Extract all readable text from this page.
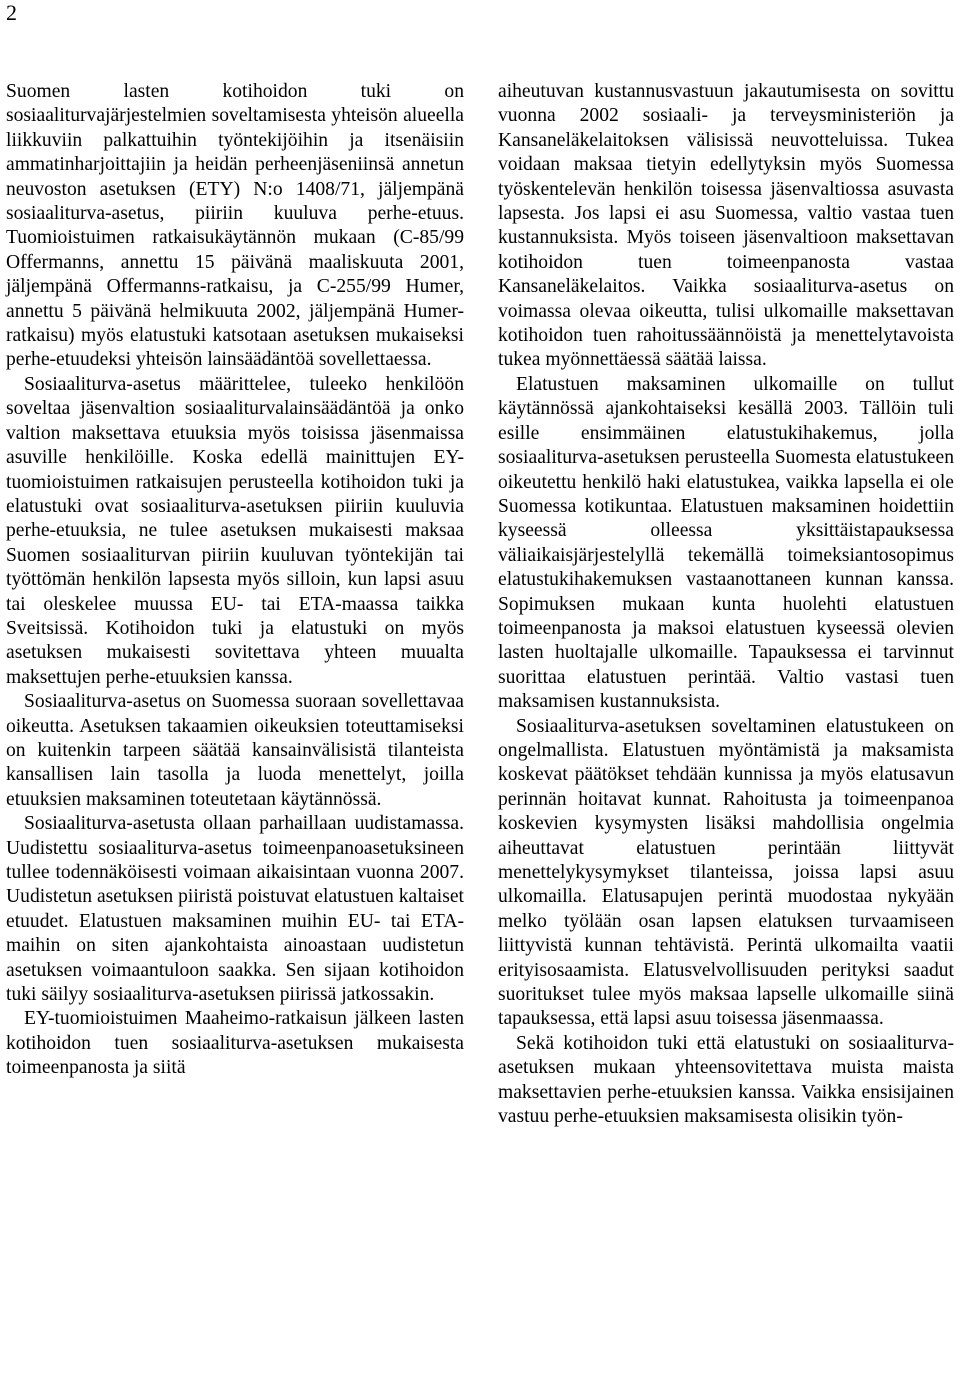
2

Suomen lasten kotihoidon tuki on sosiaaliturvajärjestelmien soveltamisesta yhteisön alueella liikkuviin palkattuihin työntekijöihin ja itsenäisiin ammatinharjoittajiin ja heidän perheenjäseniinsä annetun neuvoston asetuksen (ETY) N:o 1408/71, jäljempänä sosiaaliturva-asetus, piiriin kuuluva perhe-etuus. Tuomioistuimen ratkaisukäytännön mukaan (C-85/99 Offermanns, annettu 15 päivänä maaliskuuta 2001, jäljempänä Offermanns-ratkaisu, ja C-255/99 Humer, annettu 5 päivänä helmikuuta 2002, jäljempänä Humer-ratkaisu) myös elatustuki katsotaan asetuksen mukaiseksi perhe-etuudeksi yhteisön lainsäädäntöä sovellettaessa.

Sosiaaliturva-asetus määrittelee, tuleeko henkilöön soveltaa jäsenvaltion sosiaaliturvalainsäädäntöä ja onko valtion maksettava etuuksia myös toisissa jäsenmaissa asuville henkilöille. Koska edellä mainittujen EY-tuomioistuimen ratkaisujen perusteella kotihoidon tuki ja elatustuki ovat sosiaaliturva-asetuksen piiriin kuuluvia perhe-etuuksia, ne tulee asetuksen mukaisesti maksaa Suomen sosiaaliturvan piiriin kuuluvan työntekijän tai työttömän henkilön lapsesta myös silloin, kun lapsi asuu tai oleskelee muussa EU- tai ETA-maassa taikka Sveitsissä. Kotihoidon tuki ja elatustuki on myös asetuksen mukaisesti sovitettava yhteen muualta maksettujen perhe-etuuksien kanssa.

Sosiaaliturva-asetus on Suomessa suoraan sovellettavaa oikeutta. Asetuksen takaamien oikeuksien toteuttamiseksi on kuitenkin tarpeen säätää kansainvälisistä tilanteista kansallisen lain tasolla ja luoda menettelyt, joilla etuuksien maksaminen toteutetaan käytännössä.

Sosiaaliturva-asetusta ollaan parhaillaan uudistamassa. Uudistettu sosiaaliturva-asetus toimeenpanoasetuksineen tullee todennäköisesti voimaan aikaisintaan vuonna 2007. Uudistetun asetuksen piiristä poistuvat elatustuen kaltaiset etuudet. Elatustuen maksaminen muihin EU- tai ETA-maihin on siten ajankohtaista ainoastaan uudistetun asetuksen voimaantuloon saakka. Sen sijaan kotihoidon tuki säilyy sosiaaliturva-asetuksen piirissä jatkossakin.

EY-tuomioistuimen Maaheimo-ratkaisun jälkeen lasten kotihoidon tuen sosiaaliturva-asetuksen mukaisesta toimeenpanosta ja siitä

aiheutuvan kustannusvastuun jakautumisesta on sovittu vuonna 2002 sosiaali- ja terveysministeriön ja Kansaneläkelaitoksen välisissä neuvotteluissa. Tukea voidaan maksaa tietyin edellytyksin myös Suomessa työskentelevän henkilön toisessa jäsenvaltiossa asuvasta lapsesta. Jos lapsi ei asu Suomessa, valtio vastaa tuen kustannuksista. Myös toiseen jäsenvaltioon maksettavan kotihoidon tuen toimeenpanosta vastaa Kansaneläkelaitos. Vaikka sosiaaliturva-asetus on voimassa olevaa oikeutta, tulisi ulkomaille maksettavan kotihoidon tuen rahoitussäännöistä ja menettelytavoista tukea myönnettäessä säätää laissa.

Elatustuen maksaminen ulkomaille on tullut käytännössä ajankohtaiseksi kesällä 2003. Tällöin tuli esille ensimmäinen elatustukihakemus, jolla sosiaaliturva-asetuksen perusteella Suomesta elatustukeen oikeutettu henkilö haki elatustukea, vaikka lapsella ei ole Suomessa kotikuntaa. Elatustuen maksaminen hoidettiin kyseessä olleessa yksittäistapauksessa väliaikaisjärjestelyllä tekemällä toimeksiantosopimus elatustukihakemuksen vastaanottaneen kunnan kanssa. Sopimuksen mukaan kunta huolehti elatustuen toimeenpanosta ja maksoi elatustuen kyseessä olevien lasten huoltajalle ulkomaille. Tapauksessa ei tarvinnut suorittaa elatustuen perintää. Valtio vastasi tuen maksamisen kustannuksista.

Sosiaaliturva-asetuksen soveltaminen elatustukeen on ongelmallista. Elatustuen myöntämistä ja maksamista koskevat päätökset tehdään kunnissa ja myös elatusavun perinnän hoitavat kunnat. Rahoitusta ja toimeenpanoa koskevien kysymysten lisäksi mahdollisia ongelmia aiheuttavat elatustuen perintään liittyvät menettelykysymykset tilanteissa, joissa lapsi asuu ulkomailla. Elatusapujen perintä muodostaa nykyään melko työlään osan lapsen elatuksen turvaamiseen liittyvistä kunnan tehtävistä. Perintä ulkomailta vaatii erityisosaamista. Elatusvelvollisuuden perityksi saadut suoritukset tulee myös maksaa lapselle ulkomaille siinä tapauksessa, että lapsi asuu toisessa jäsenmaassa.

Sekä kotihoidon tuki että elatustuki on sosiaaliturva-asetuksen mukaan yhteensovitettava muista maista maksettavien perhe-etuuksien kanssa. Vaikka ensisijainen vastuu perhe-etuuksien maksamisesta olisikin työn-
